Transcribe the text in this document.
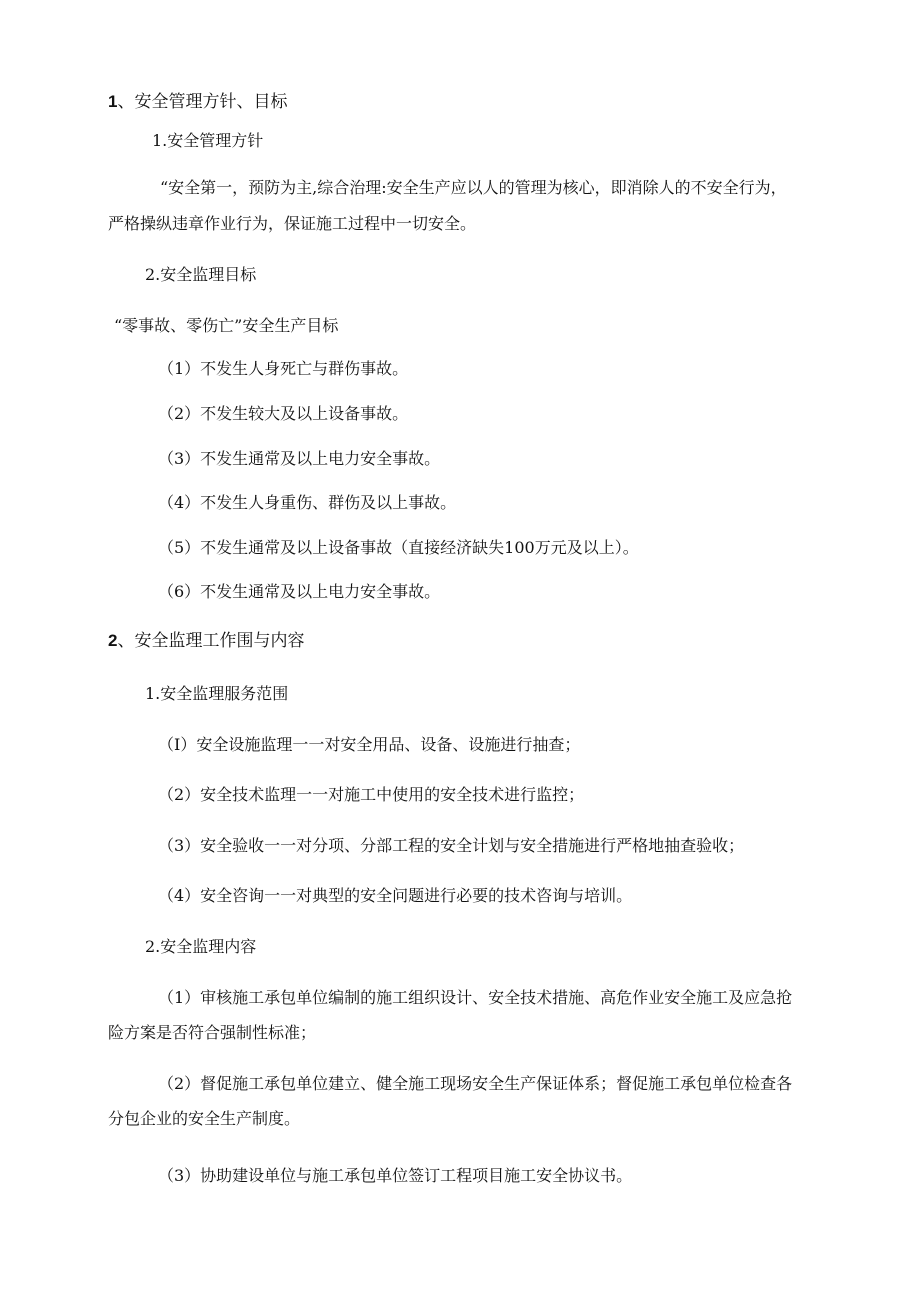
1、安全管理方针、目标
1.安全管理方针
“安全第一，预防为主,综合治理:安全生产应以人的管理为核心，即消除人的不安全行为，
严格操纵违章作业行为，保证施工过程中一切安全。
2.安全监理目标
“零事故、零伤亡”安全生产目标
（1）不发生人身死亡与群伤事故。
（2）不发生较大及以上设备事故。
（3）不发生通常及以上电力安全事故。
（4）不发生人身重伤、群伤及以上事故。
（5）不发生通常及以上设备事故（直接经济缺失100万元及以上）。
（6）不发生通常及以上电力安全事故。
2、安全监理工作围与内容
1.安全监理服务范围
（I）安全设施监理一一对安全用品、设备、设施进行抽查；
（2）安全技术监理一一对施工中使用的安全技术进行监控；
（3）安全验收一一对分项、分部工程的安全计划与安全措施进行严格地抽查验收；
（4）安全咨询一一对典型的安全问题进行必要的技术咨询与培训。
2.安全监理内容
（1）审核施工承包单位编制的施工组织设计、安全技术措施、高危作业安全施工及应急抢
险方案是否符合强制性标准；
（2）督促施工承包单位建立、健全施工现场安全生产保证体系；督促施工承包单位检查各
分包企业的安全生产制度。
（3）协助建设单位与施工承包单位签订工程项目施工安全协议书。
